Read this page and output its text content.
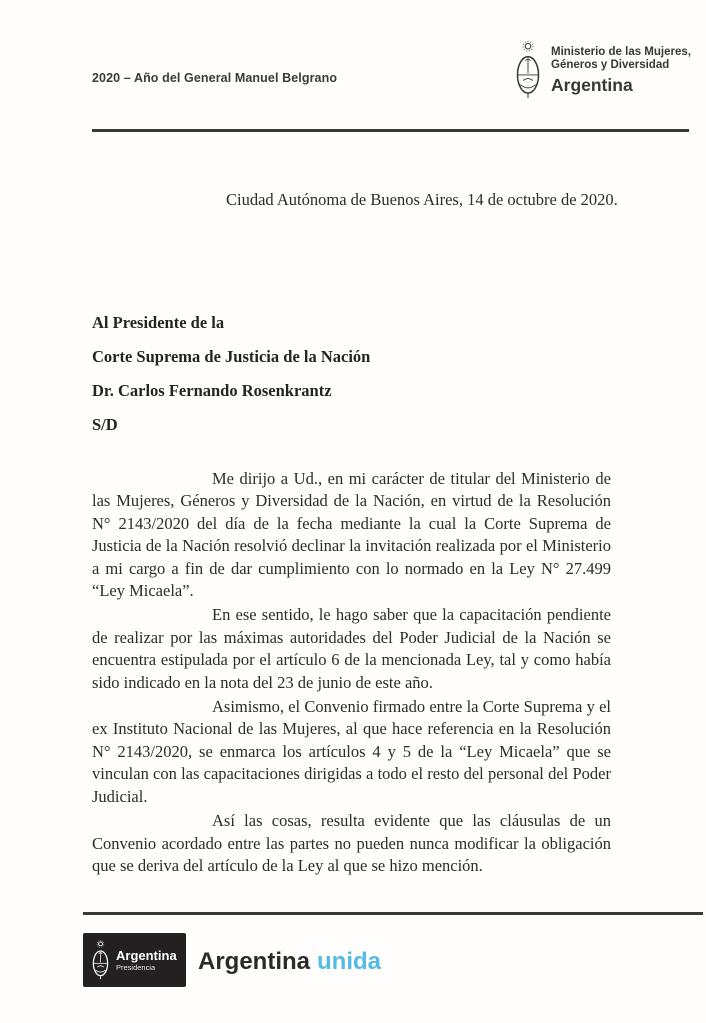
2020 – Año del General Manuel Belgrano
Ministerio de las Mujeres,
Géneros y Diversidad
Argentina
Ciudad Autónoma de Buenos Aires, 14 de octubre de 2020.
Al Presidente de la
Corte Suprema de Justicia de la Nación
Dr. Carlos Fernando Rosenkrantz
S/D

Me dirijo a Ud., en mi carácter de titular del Ministerio de las Mujeres, Géneros y Diversidad de la Nación, en virtud de la Resolución N° 2143/2020 del día de la fecha mediante la cual la Corte Suprema de Justicia de la Nación resolvió declinar la invitación realizada por el Ministerio a mi cargo a fin de dar cumplimiento con lo normado en la Ley N° 27.499 “Ley Micaela”.

En ese sentido, le hago saber que la capacitación pendiente de realizar por las máximas autoridades del Poder Judicial de la Nación se encuentra estipulada por el artículo 6 de la mencionada Ley, tal y como había sido indicado en la nota del 23 de junio de este año.

Asimismo, el Convenio firmado entre la Corte Suprema y el ex Instituto Nacional de las Mujeres, al que hace referencia en la Resolución N° 2143/2020, se enmarca los artículos 4 y 5 de la “Ley Micaela” que se vinculan con las capacitaciones dirigidas a todo el resto del personal del Poder Judicial.

Así las cosas, resulta evidente que las cláusulas de un Convenio acordado entre las partes no pueden nunca modificar la obligación que se deriva del artículo de la Ley al que se hizo mención.

Argentina
Presidencia	Argentina unida
